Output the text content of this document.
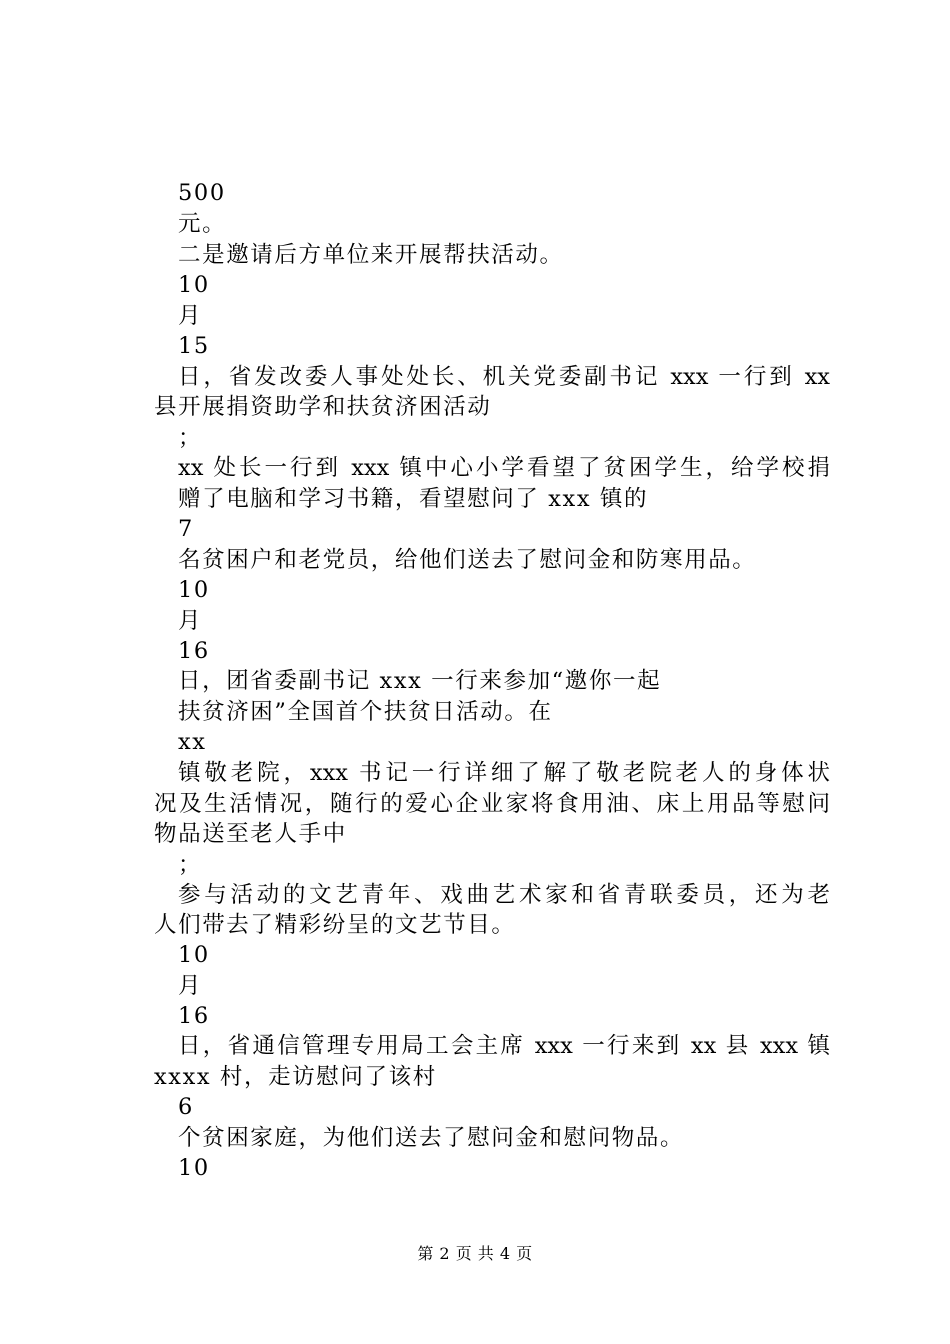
500
元。
二是邀请后方单位来开展帮扶活动。
10
月
15
日，省发改委人事处处长、机关党委副书记 xxx 一行到 xx
县开展捐资助学和扶贫济困活动
；
xx 处长一行到 xxx 镇中心小学看望了贫困学生，给学校捐
赠了电脑和学习书籍，看望慰问了 xxx 镇的
7
名贫困户和老党员，给他们送去了慰问金和防寒用品。
10
月
16
日，团省委副书记 xxx 一行来参加“邀你一起
扶贫济困”全国首个扶贫日活动。在
xx
镇敬老院，xxx 书记一行详细了解了敬老院老人的身体状
况及生活情况，随行的爱心企业家将食用油、床上用品等慰问
物品送至老人手中
；
参与活动的文艺青年、戏曲艺术家和省青联委员，还为老
人们带去了精彩纷呈的文艺节目。
10
月
16
日，省通信管理专用局工会主席 xxx 一行来到 xx 县 xxx 镇
xxxx 村，走访慰问了该村
6
个贫困家庭，为他们送去了慰问金和慰问物品。
10
第 2 页 共 4 页
